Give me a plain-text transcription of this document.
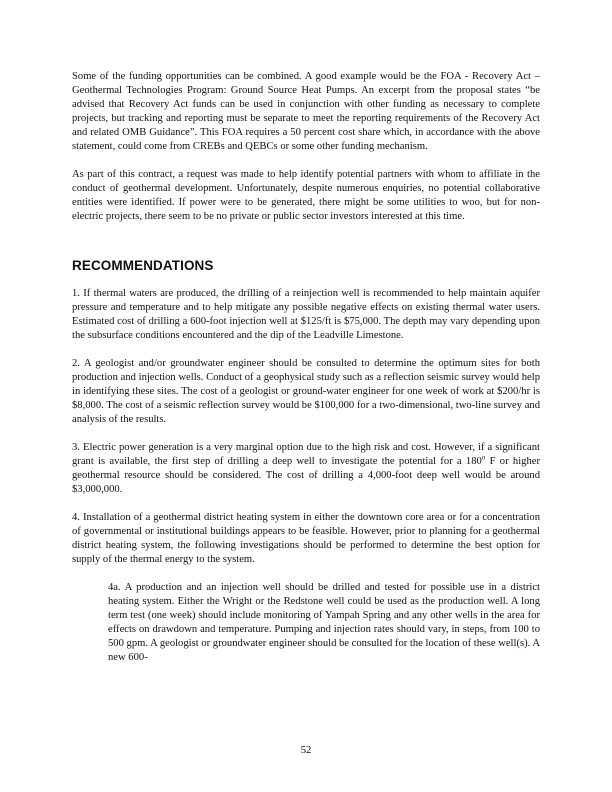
Some of the funding opportunities can be combined. A good example would be the FOA - Recovery Act – Geothermal Technologies Program: Ground Source Heat Pumps. An excerpt from the proposal states “be advised that Recovery Act funds can be used in conjunction with other funding as necessary to complete projects, but tracking and reporting must be separate to meet the reporting requirements of the Recovery Act and related OMB Guidance”. This FOA requires a 50 percent cost share which, in accordance with the above statement, could come from CREBs and QEBCs or some other funding mechanism.

As part of this contract, a request was made to help identify potential partners with whom to affiliate in the conduct of geothermal development. Unfortunately, despite numerous enquiries, no potential collaborative entities were identified. If power were to be generated, there might be some utilities to woo, but for non-electric projects, there seem to be no private or public sector investors interested at this time.

RECOMMENDATIONS

1. If thermal waters are produced, the drilling of a reinjection well is recommended to help maintain aquifer pressure and temperature and to help mitigate any possible negative effects on existing thermal water users. Estimated cost of drilling a 600-foot injection well at $125/ft is $75,000. The depth may vary depending upon the subsurface conditions encountered and the dip of the Leadville Limestone.

2. A geologist and/or groundwater engineer should be consulted to determine the optimum sites for both production and injection wells. Conduct of a geophysical study such as a reflection seismic survey would help in identifying these sites. The cost of a geologist or ground-water engineer for one week of work at $200/hr is $8,000. The cost of a seismic reflection survey would be $100,000 for a two-dimensional, two-line survey and analysis of the results.

3. Electric power generation is a very marginal option due to the high risk and cost. However, if a significant grant is available, the first step of drilling a deep well to investigate the potential for a 180$^o$ F or higher geothermal resource should be considered. The cost of drilling a 4,000-foot deep well would be around $3,000,000.

4. Installation of a geothermal district heating system in either the downtown core area or for a concentration of governmental or institutional buildings appears to be feasible. However, prior to planning for a geothermal district heating system, the following investigations should be performed to determine the best option for supply of the thermal energy to the system.

4a. A production and an injection well should be drilled and tested for possible use in a district heating system. Either the Wright or the Redstone well could be used as the production well. A long term test (one week) should include monitoring of Yampah Spring and any other wells in the area for effects on drawdown and temperature. Pumping and injection rates should vary, in steps, from 100 to 500 gpm. A geologist or groundwater engineer should be consulted for the location of these well(s). A new 600-

52
